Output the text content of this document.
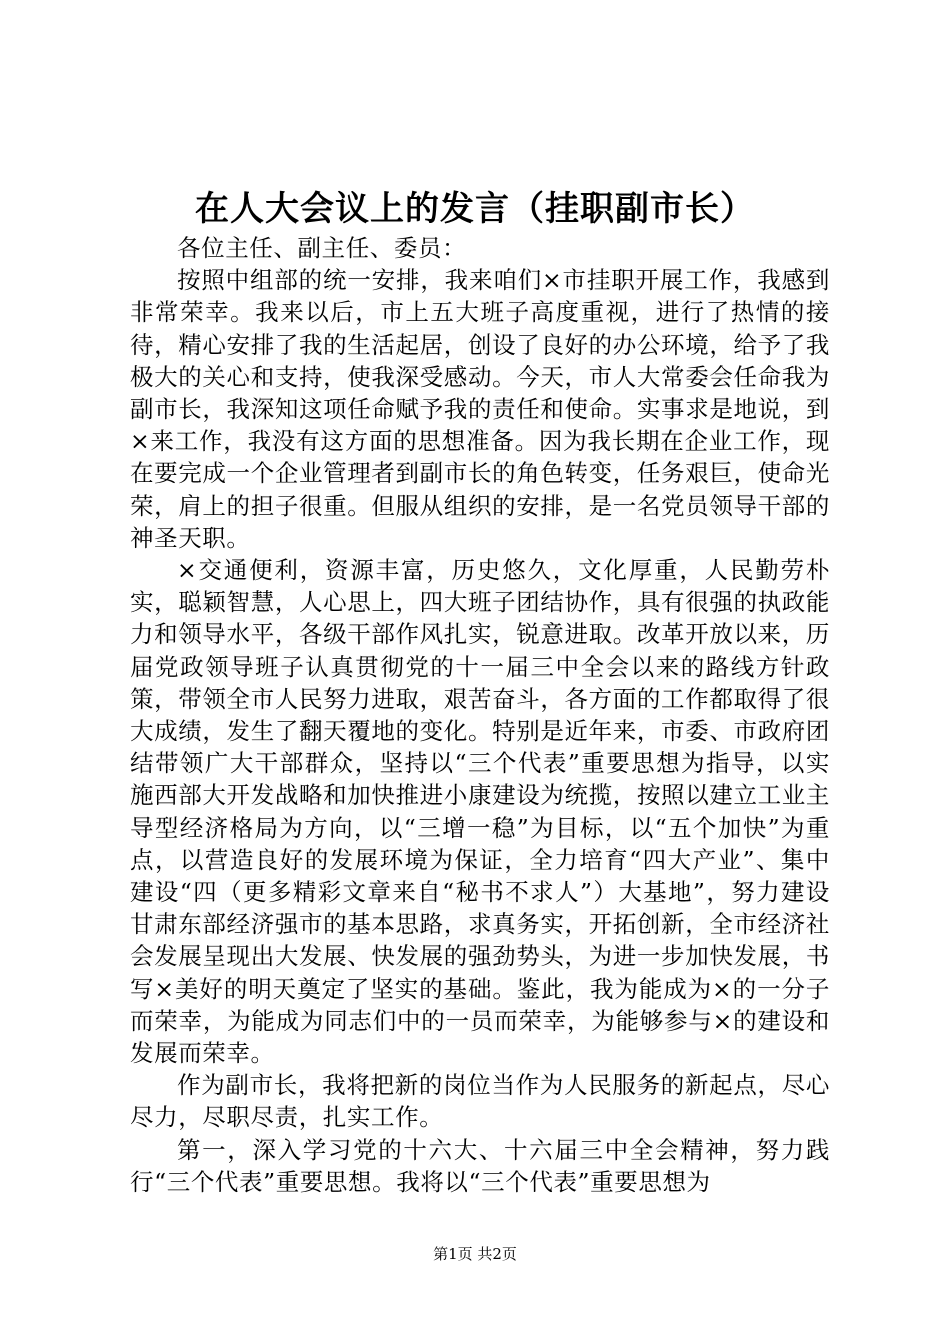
在人大会议上的发言（挂职副市长）

各位主任、副主任、委员：

按照中组部的统一安排，我来咱们×市挂职开展工作，我感到非常荣幸。我来以后，市上五大班子高度重视，进行了热情的接待，精心安排了我的生活起居，创设了良好的办公环境，给予了我极大的关心和支持，使我深受感动。今天，市人大常委会任命我为副市长，我深知这项任命赋予我的责任和使命。实事求是地说，到×来工作，我没有这方面的思想准备。因为我长期在企业工作，现在要完成一个企业管理者到副市长的角色转变，任务艰巨，使命光荣，肩上的担子很重。但服从组织的安排，是一名党员领导干部的神圣天职。

×交通便利，资源丰富，历史悠久，文化厚重，人民勤劳朴实，聪颖智慧，人心思上，四大班子团结协作，具有很强的执政能力和领导水平，各级干部作风扎实，锐意进取。改革开放以来，历届党政领导班子认真贯彻党的十一届三中全会以来的路线方针政策，带领全市人民努力进取，艰苦奋斗，各方面的工作都取得了很大成绩，发生了翻天覆地的变化。特别是近年来，市委、市政府团结带领广大干部群众，坚持以“三个代表”重要思想为指导，以实施西部大开发战略和加快推进小康建设为统揽，按照以建立工业主导型经济格局为方向，以“三增一稳”为目标，以“五个加快”为重点，以营造良好的发展环境为保证，全力培育“四大产业”、集中建设“四（更多精彩文章来自“秘书不求人”）大基地”，努力建设甘肃东部经济强市的基本思路，求真务实，开拓创新，全市经济社会发展呈现出大发展、快发展的强劲势头，为进一步加快发展，书写×美好的明天奠定了坚实的基础。鉴此，我为能成为×的一分子而荣幸，为能成为同志们中的一员而荣幸，为能够参与×的建设和发展而荣幸。

作为副市长，我将把新的岗位当作为人民服务的新起点，尽心尽力，尽职尽责，扎实工作。

第一，深入学习党的十六大、十六届三中全会精神，努力践行“三个代表”重要思想。我将以“三个代表”重要思想为

第1页 共2页
